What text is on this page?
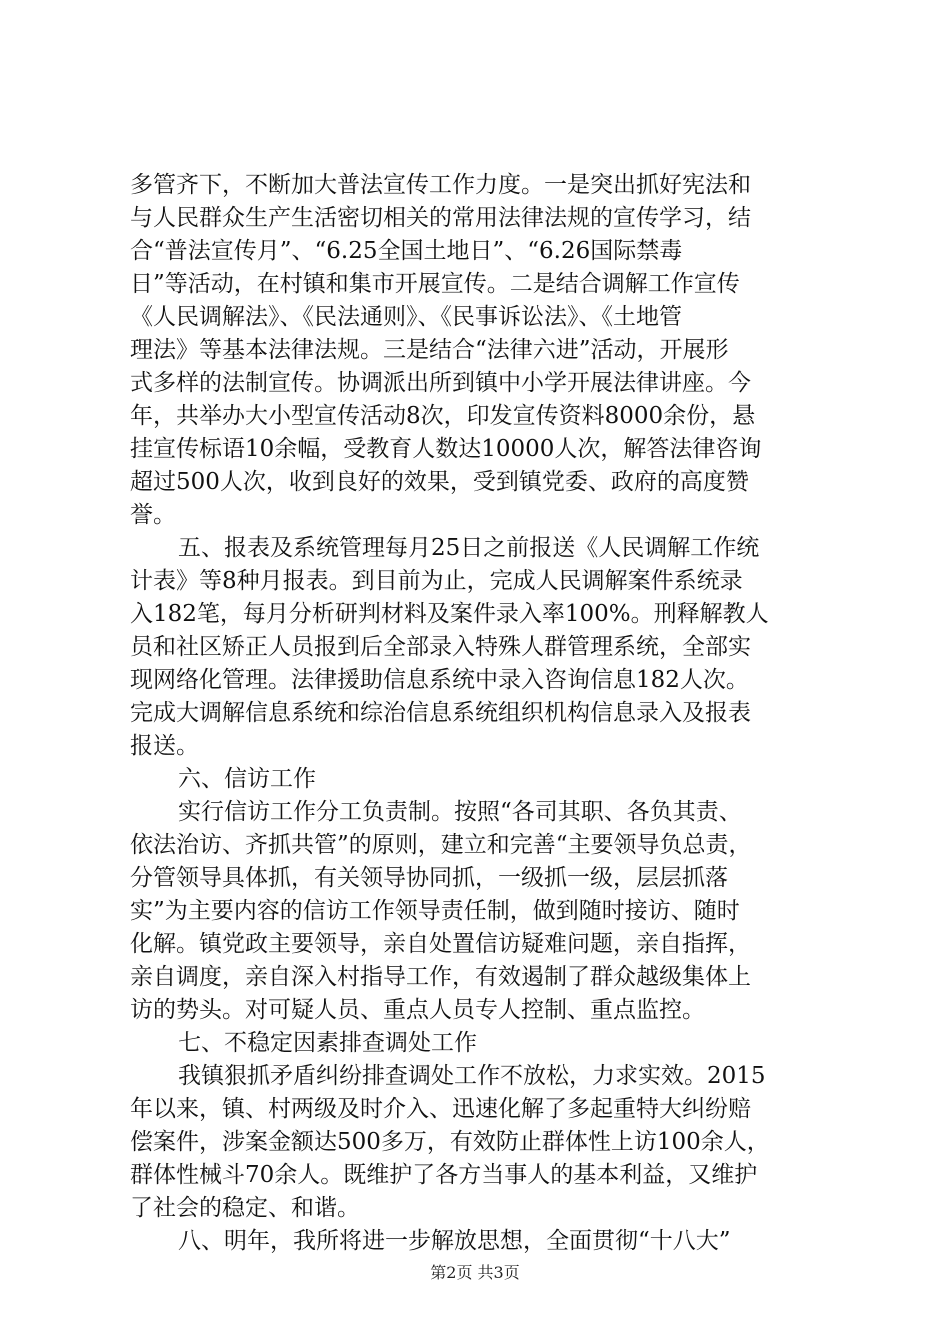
多管齐下，不断加大普法宣传工作力度。一是突出抓好宪法和
与人民群众生产生活密切相关的常用法律法规的宣传学习，结
合“普法宣传月”、“6.25全国土地日”、“6.26国际禁毒
日”等活动，在村镇和集市开展宣传。二是结合调解工作宣传
《人民调解法》、《民法通则》、《民事诉讼法》、《土地管
理法》等基本法律法规。三是结合“法律六进”活动，开展形
式多样的法制宣传。协调派出所到镇中小学开展法律讲座。今
年，共举办大小型宣传活动8次，印发宣传资料8000余份，悬
挂宣传标语10余幅，受教育人数达10000人次，解答法律咨询
超过500人次，收到良好的效果，受到镇党委、政府的高度赞
誉。
五、报表及系统管理每月25日之前报送《人民调解工作统
计表》等8种月报表。到目前为止，完成人民调解案件系统录
入182笔，每月分析研判材料及案件录入率100%。刑释解教人
员和社区矫正人员报到后全部录入特殊人群管理系统，全部实
现网络化管理。法律援助信息系统中录入咨询信息182人次。
完成大调解信息系统和综治信息系统组织机构信息录入及报表
报送。
六、信访工作
实行信访工作分工负责制。按照“各司其职、各负其责、
依法治访、齐抓共管”的原则，建立和完善“主要领导负总责，
分管领导具体抓，有关领导协同抓，一级抓一级，层层抓落
实”为主要内容的信访工作领导责任制，做到随时接访、随时
化解。镇党政主要领导，亲自处置信访疑难问题，亲自指挥，
亲自调度，亲自深入村指导工作，有效遏制了群众越级集体上
访的势头。对可疑人员、重点人员专人控制、重点监控。
七、不稳定因素排查调处工作
我镇狠抓矛盾纠纷排查调处工作不放松，力求实效。2015
年以来，镇、村两级及时介入、迅速化解了多起重特大纠纷赔
偿案件，涉案金额达500多万，有效防止群体性上访100余人，
群体性械斗70余人。既维护了各方当事人的基本利益，又维护
了社会的稳定、和谐。
八、明年，我所将进一步解放思想，全面贯彻“十八大”
第2页 共3页
